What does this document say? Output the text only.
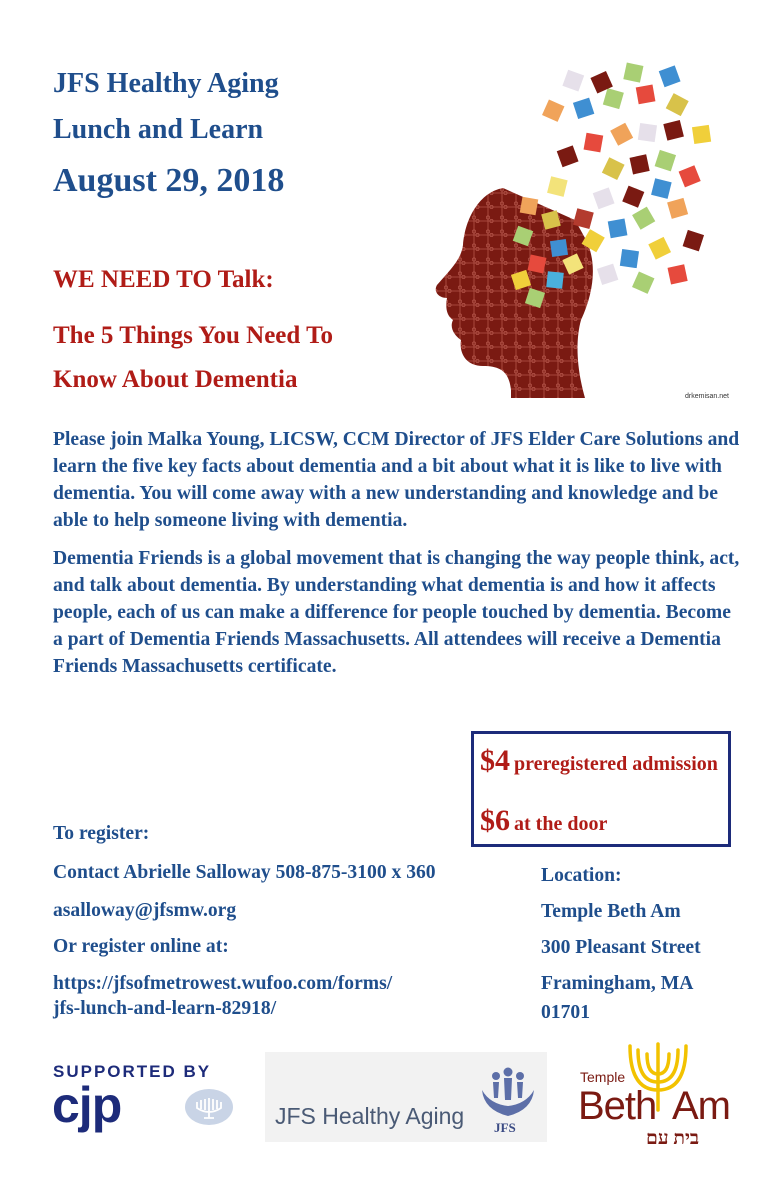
JFS Healthy Aging
Lunch and Learn
August 29, 2018
WE NEED TO Talk:
The 5 Things You Need To
Know About Dementia
drkemisan.net

Please join Malka Young, LICSW, CCM Director of JFS Elder Care Solutions and learn the five key facts about dementia and a bit about what it is like to live with dementia. You will come away with a new understanding and knowledge and be able to help someone living with dementia.

Dementia Friends is a global movement that is changing the way people think, act, and talk about dementia. By understanding what dementia is and how it affects people, each of us can make a difference for people touched by dementia. Become a part of Dementia Friends Massachusetts. All attendees will receive a Dementia Friends Massachusetts certificate.

$4 preregistered admission
$6 at the door
To register:
Contact Abrielle Salloway 508-875-3100 x 360
asalloway@jfsmw.org
Or register online at:
https://jfsofmetrowest.wufoo.com/forms/
jfs-lunch-and-learn-82918/
Location:
Temple Beth Am
300 Pleasant Street
Framingham, MA
01701
SUPPORTED BY
cjp	JFS Healthy Aging JFS
Temple
Beth Am
בית עם
